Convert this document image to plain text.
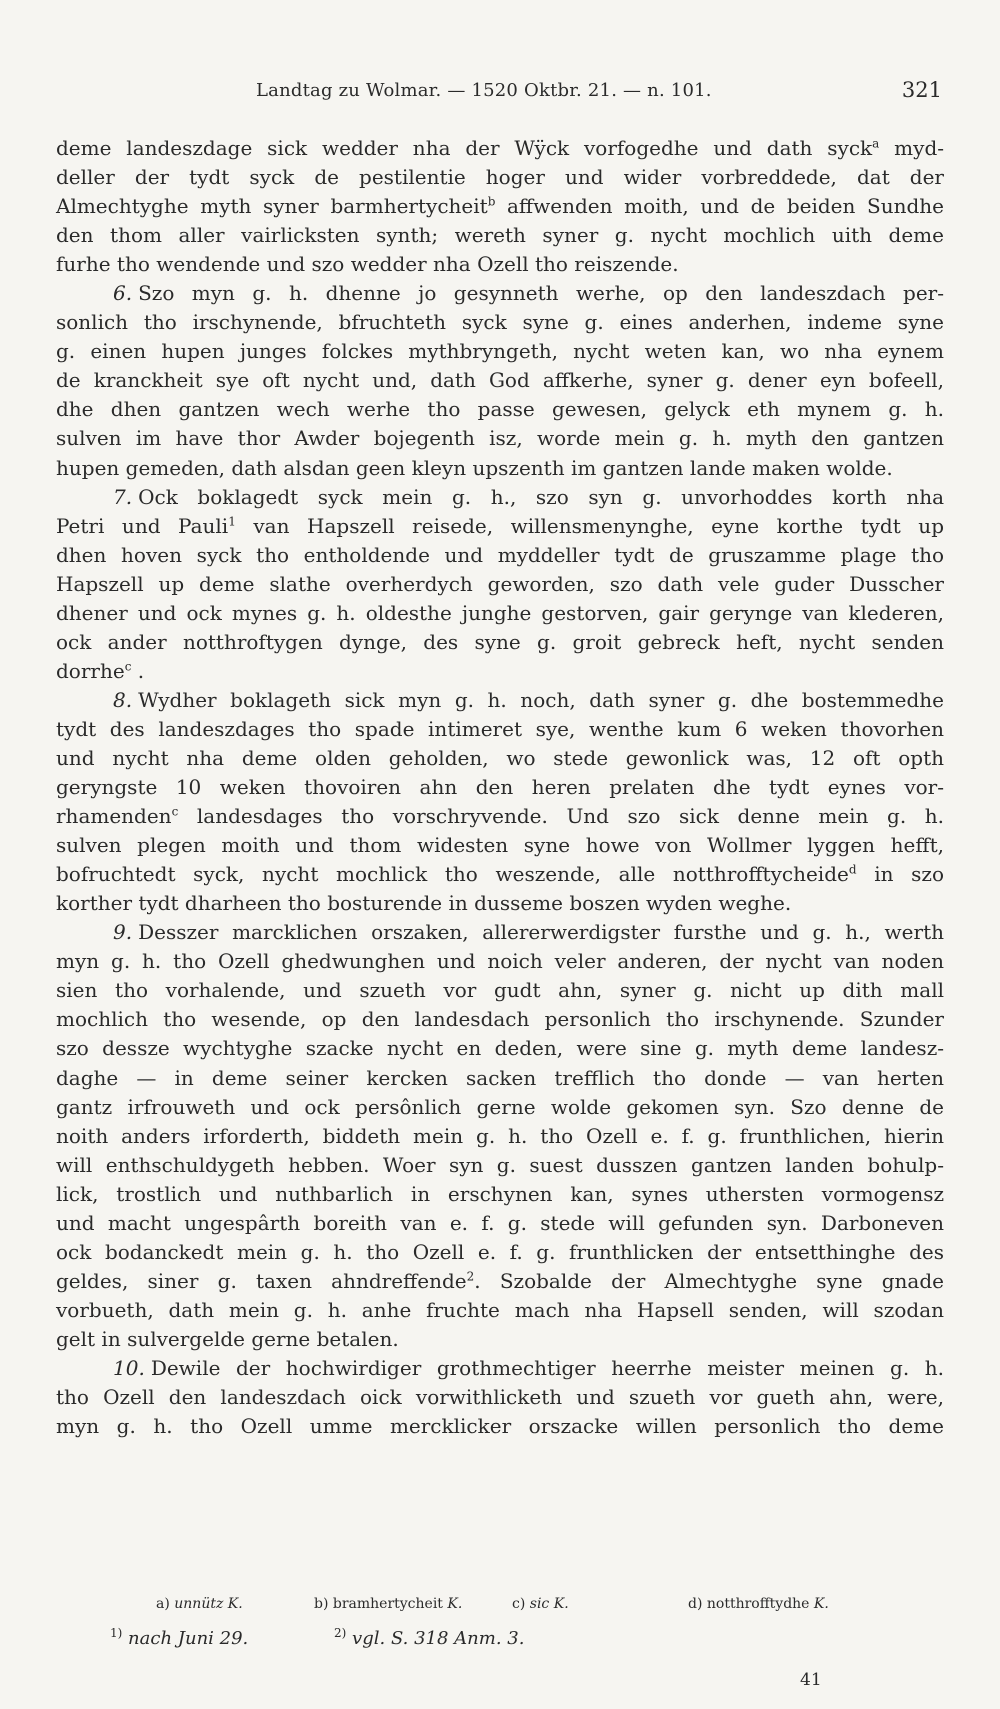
Landtag zu Wolmar. — 1520 Oktbr. 21. — n. 101.	321
deme landeszdage sick wedder nha der Wÿck vorfogedhe und dath syck$^a$ myd-
deller der tydt syck de pestilentie hoger und wider vorbreddede, dat der
Almechtyghe myth syner barmhertycheit$^b$ affwenden moith, und de beiden Sundhe
den thom aller vairlicksten synth; wereth syner g. nycht mochlich uith deme
furhe tho wendende und szo wedder nha Ozell tho reiszende.
6. Szo myn g. h. dhenne jo gesynneth werhe, op den landeszdach per-
sonlich tho irschynende, bfruchteth syck syne g. eines anderhen, indeme syne
g. einen hupen junges folckes mythbryngeth, nycht weten kan, wo nha eynem
de kranckheit sye oft nycht und, dath God affkerhe, syner g. dener eyn bofeell,
dhe dhen gantzen wech werhe tho passe gewesen, gelyck eth mynem g. h.
sulven im have thor Awder bojegenth isz, worde mein g. h. myth den gantzen
hupen gemeden, dath alsdan geen kleyn upszenth im gantzen lande maken wolde.
7. Ock boklagedt syck mein g. h., szo syn g. unvorhoddes korth nha
Petri und Pauli$^1$ van Hapszell reisede, willensmenynghe, eyne korthe tydt up
dhen hoven syck tho entholdende und myddeller tydt de gruszamme plage tho
Hapszell up deme slathe overherdych geworden, szo dath vele guder Dusscher
dhener und ock mynes g. h. oldesthe junghe gestorven, gair gerynge van klederen,
ock ander notthroftygen dynge, des syne g. groit gebreck heft, nycht senden
dorrhe$^c$ .
8. Wydher boklageth sick myn g. h. noch, dath syner g. dhe bostemmedhe
tydt des landeszdages tho spade intimeret sye, wenthe kum 6 weken thovorhen
und nycht nha deme olden geholden, wo stede gewonlick was, 12 oft opth
geryngste 10 weken thovoiren ahn den heren prelaten dhe tydt eynes vor-
rhamenden$^c$ landesdages tho vorschryvende. Und szo sick denne mein g. h.
sulven plegen moith und thom widesten syne howe von Wollmer lyggen hefft,
bofruchtedt syck, nycht mochlick tho weszende, alle notthrofftycheide$^d$ in szo
korther tydt dharheen tho bosturende in dusseme boszen wyden weghe.
9. Desszer marcklichen orszaken, allererwerdigster fursthe und g. h., werth
myn g. h. tho Ozell ghedwunghen und noich veler anderen, der nycht van noden
sien tho vorhalende, und szueth vor gudt ahn, syner g. nicht up dith mall
mochlich tho wesende, op den landesdach personlich tho irschynende. Szunder
szo dessze wychtyghe szacke nycht en deden, were sine g. myth deme landesz-
daghe — in deme seiner kercken sacken trefflich tho donde — van herten
gantz irfrouweth und ock persônlich gerne wolde gekomen syn. Szo denne de
noith anders irforderth, biddeth mein g. h. tho Ozell e. f. g. frunthlichen, hierin
will enthschuldygeth hebben. Woer syn g. suest dusszen gantzen landen bohulp-
lick, trostlich und nuthbarlich in erschynen kan, synes uthersten vormogensz
und macht ungespârth boreith van e. f. g. stede will gefunden syn. Darboneven
ock bodanckedt mein g. h. tho Ozell e. f. g. frunthlicken der entsetthinghe des
geldes, siner g. taxen ahndreffende$^2$. Szobalde der Almechtyghe syne gnade
vorbueth, dath mein g. h. anhe fruchte mach nha Hapsell senden, will szodan
gelt in sulvergelde gerne betalen.
10. Dewile der hochwirdiger grothmechtiger heerrhe meister meinen g. h.
tho Ozell den landeszdach oick vorwithlicketh und szueth vor gueth ahn, were,
myn g. h. tho Ozell umme mercklicker orszacke willen personlich tho deme
a) unnütz K.	b) bramhertycheit K.	c) sic K.	d) notthrofftydhe K.
$^{1)}$ nach Juni 29.	$^{2)}$ vgl. S. 318 Anm. 3.
41
